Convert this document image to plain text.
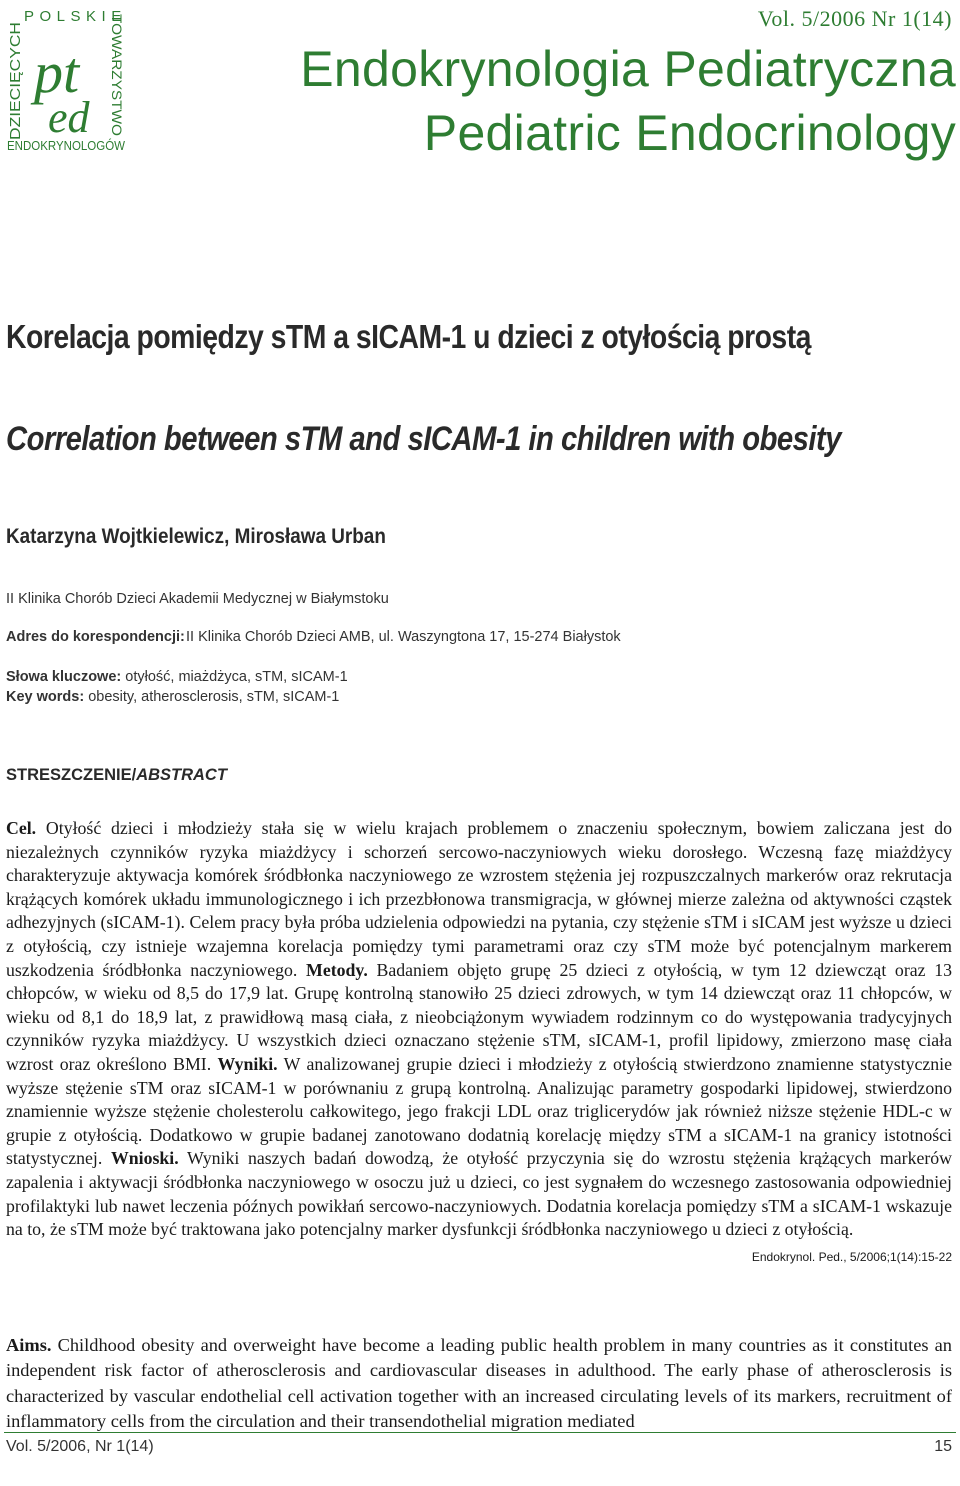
POLSKIE
DZIECIĘCYCH	TOWARZYSTWO
pt
ed
ENDOKRYNOLOGÓW
Vol. 5/2006 Nr 1(14)
Endokrynologia Pediatryczna
Pediatric Endocrinology
Korelacja pomiędzy sTM a sICAM-1 u dzieci z otyłością prostą
Correlation between sTM and sICAM-1 in children with obesity
Katarzyna Wojtkielewicz, Mirosława Urban
II Klinika Chorób Dzieci Akademii Medycznej w Białymstoku
Adres do korespondencji:II Klinika Chorób Dzieci AMB, ul. Waszyngtona 17, 15-274 Białystok
Słowa kluczowe: otyłość, miażdżyca, sTM, sICAM-1
Key words: obesity, atherosclerosis, sTM, sICAM-1
STRESZCZENIE/ABSTRACT

Cel. Otyłość dzieci i młodzieży stała się w wielu krajach problemem o znaczeniu społecznym, bowiem zaliczana jest do niezależnych czynników ryzyka miażdżycy i schorzeń sercowo-naczyniowych wieku dorosłego. Wczesną fazę miażdżycy charakteryzuje aktywacja komórek śródbłonka naczyniowego ze wzrostem stężenia jej rozpuszczalnych markerów oraz rekrutacja krążących komórek układu immunologicznego i ich przezbłonowa transmigracja, w głównej mierze zależna od aktywności cząstek adhezyjnych (sICAM-1). Celem pracy była próba udzielenia odpowiedzi na pytania, czy stężenie sTM i sICAM jest wyższe u dzieci z otyłością, czy istnieje wzajemna korelacja pomiędzy tymi parametrami oraz czy sTM może być potencjalnym markerem uszkodzenia śródbłonka naczyniowego. Metody. Badaniem objęto grupę 25 dzieci z otyłością, w tym 12 dziewcząt oraz 13 chłopców, w wieku od 8,5 do 17,9 lat. Grupę kontrolną stanowiło 25 dzieci zdrowych, w tym 14 dziewcząt oraz 11 chłopców, w wieku od 8,1 do 18,9 lat, z prawidłową masą ciała, z nieobciążonym wywiadem rodzinnym co do występowania tradycyjnych czynników ryzyka miażdżycy. U wszystkich dzieci oznaczano stężenie sTM, sICAM-1, profil lipidowy, zmierzono masę ciała wzrost oraz określono BMI. Wyniki. W analizowanej grupie dzieci i młodzieży z otyłością stwierdzono znamienne statystycznie wyższe stężenie sTM oraz sICAM-1 w porównaniu z grupą kontrolną. Analizując parametry gospodarki lipidowej, stwierdzono znamiennie wyższe stężenie cholesterolu całkowitego, jego frakcji LDL oraz triglicerydów jak również niższe stężenie HDL-c w grupie z otyłością. Dodatkowo w grupie badanej zanotowano dodatnią korelację między sTM a sICAM-1 na granicy istotności statystycznej. Wnioski. Wyniki naszych badań dowodzą, że otyłość przyczynia się do wzrostu stężenia krążących markerów zapalenia i aktywacji śródbłonka naczyniowego w osoczu już u dzieci, co jest sygnałem do wczesnego zastosowania odpowiedniej profilaktyki lub nawet leczenia późnych powikłań sercowo-naczyniowych. Dodatnia korelacja pomiędzy sTM a sICAM-1 wskazuje na to, że sTM może być traktowana jako potencjalny marker dysfunkcji śródbłonka naczyniowego u dzieci z otyłością.
Endokrynol. Ped., 5/2006;1(14):15-22

Aims. Childhood obesity and overweight have become a leading public health problem in many countries as it constitutes an independent risk factor of atherosclerosis and cardiovascular diseases in adulthood. The early phase of atherosclerosis is characterized by vascular endothelial cell activation together with an increased circulating levels of its markers, recruitment of inflammatory cells from the circulation and their transendothelial migration mediated

Vol. 5/2006, Nr 1(14)	15
